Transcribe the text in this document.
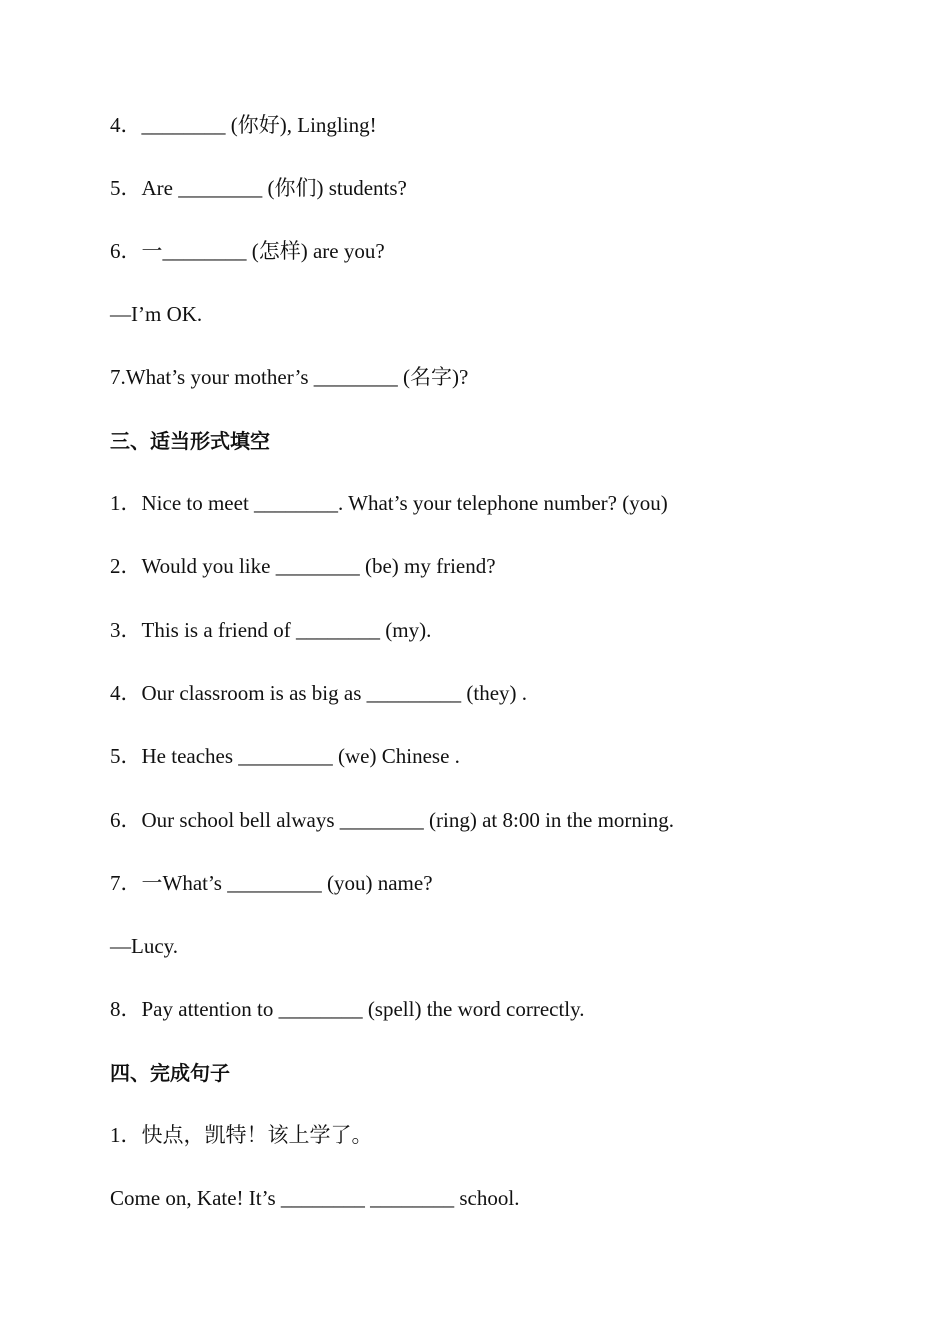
4．________ (你好), Lingling!
5．Are ________ (你们) students?
6．一________ (怎样) are you?
—I’m OK.
7.What’s your mother’s ________ (名字)?
三、适当形式填空
1．Nice to meet ________. What’s your telephone number? (you)
2．Would you like ________ (be) my friend?
3．This is a friend of ________ (my).
4．Our classroom is as big as _________ (they) .
5．He teaches _________ (we) Chinese .
6．Our school bell always ________ (ring) at 8:00 in the morning.
7．一What’s _________ (you) name?
—Lucy.
8．Pay attention to ________ (spell) the word correctly.
四、完成句子
1．快点，凯特！该上学了。
Come on, Kate! It’s ________ ________ school.
